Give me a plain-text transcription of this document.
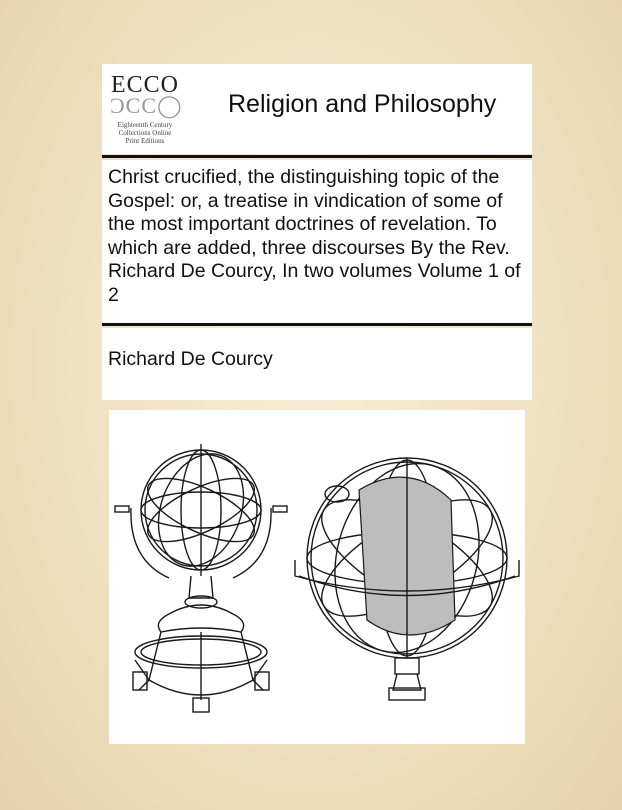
ECCO
ƆCC◯
Eighteenth Century
Collections Online
Print Editions
Religion and Philosophy

Christ crucified, the distinguishing topic of the Gospel: or, a treatise in vindication of some of the most important doctrines of revelation. To which are added, three discourses By the Rev. Richard De Courcy, In two volumes Volume 1 of 2

Richard De Courcy
